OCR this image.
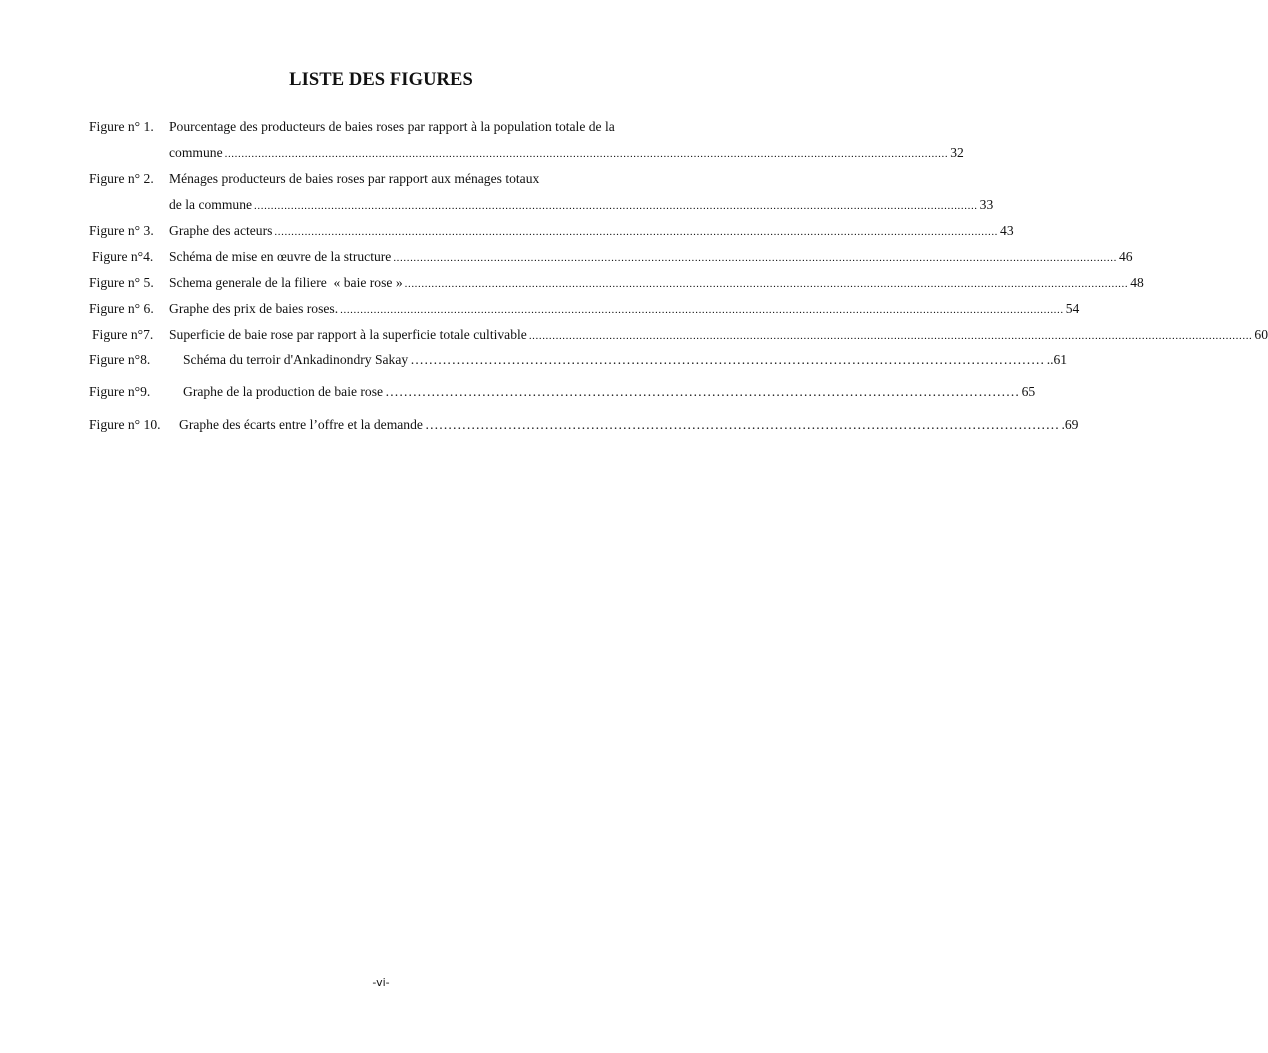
LISTE DES FIGURES
Figure n° 1. Pourcentage des producteurs de baies roses par rapport à la population totale de la
commune ........................................................................................................................................................................................................................ 32
Figure n° 2. Ménages producteurs de baies roses par rapport aux ménages totaux
de la commune ........................................................................................................................................................................................................................ 33
Figure n° 3. Graphe des acteurs ........................................................................................................................................................................................................................ 43
Figure n°4. Schéma de mise en œuvre de la structure ........................................................................................................................................................................................................................ 46
Figure n° 5. Schema generale de la filiere  « baie rose » ........................................................................................................................................................................................................................ 48
Figure n° 6. Graphe des prix de baies roses. ........................................................................................................................................................................................................................ 54
Figure n°7. Superficie de baie rose par rapport à la superficie totale cultivable ........................................................................................................................................................................................................................ 60
Figure n°8. Schéma du terroir d'Ankadinondry Sakay ………………………………………………………………………………………………………………………… ..61
Figure n°9. Graphe de la production de baie rose ………………………………………………………………………………………………………………………… 65
Figure n° 10. Graphe des écarts entre l’offre et la demande ………………………………………………………………………………………………………………………… .69
-vi-
